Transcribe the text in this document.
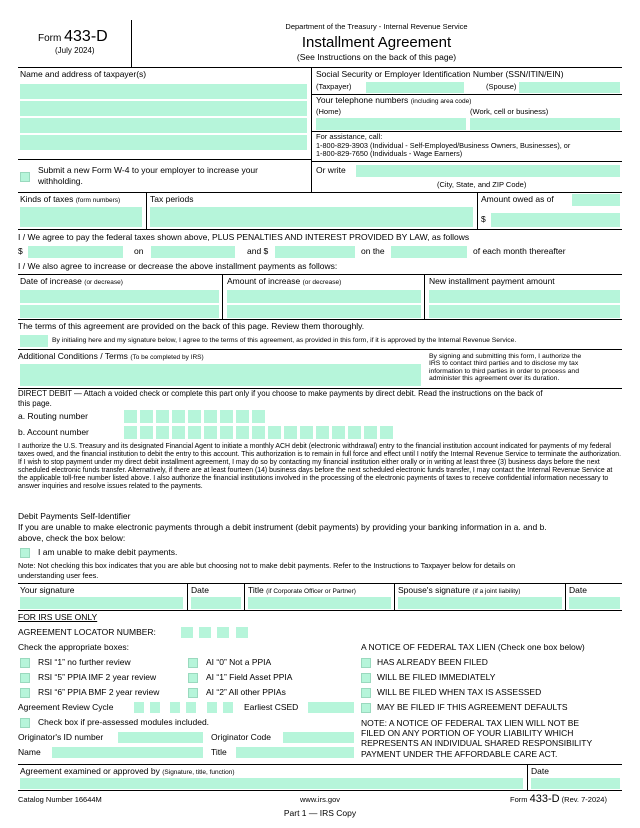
Form 433-D
(July 2024)
Department of the Treasury - Internal Revenue Service
Installment Agreement
(See Instructions on the back of this page)
Name and address of taxpayer(s)
Submit a new Form W-4 to your employer to increase your
withholding.
Social Security or Employer Identification Number (SSN/ITIN/EIN)
(Taxpayer)	(Spouse)
Your telephone numbers (including area code)
(Home)	(Work, cell or business)
For assistance, call:
1-800-829-3903 (Individual - Self-Employed/Business Owners, Businesses), or
1-800-829-7650 (Individuals - Wage Earners)
Or write
(City, State, and ZIP Code)
Kinds of taxes (form numbers)	Tax periods	Amount owed as of
$
I / We agree to pay the federal taxes shown above, PLUS PENALTIES AND INTEREST PROVIDED BY LAW, as follows
$	on	and $	on the	of each month thereafter
I / We also agree to increase or decrease the above installment payments as follows:
Date of increase (or decrease)	Amount of increase (or decrease)	New installment payment amount
The terms of this agreement are provided on the back of this page. Review them thoroughly.
By initialing here and my signature below, I agree to the terms of this agreement, as provided in this form, if it is approved by the Internal Revenue Service.
Additional Conditions / Terms (To be completed by IRS)	By signing and submitting this form, I authorize the
IRS to contact third parties and to disclose my tax
information to third parties in order to process and
administer this agreement over its duration.
DIRECT DEBIT — Attach a voided check or complete this part only if you choose to make payments by direct debit. Read the instructions on the back of
this page.
a. Routing number
b. Account number
I authorize the U.S. Treasury and its designated Financial Agent to initiate a monthly ACH debit (electronic withdrawal) entry to the financial institution account indicated for payments of my federal taxes owed, and the financial institution to debit the entry to this account. This authorization is to remain in full force and effect until I notify the Internal Revenue Service to terminate the authorization. If I wish to stop payment under my direct debit installment agreement, I may do so by contacting my financial institution either orally or in writing at least three (3) business days before the next scheduled electronic funds transfer. Alternatively, if there are at least fourteen (14) business days before the next scheduled electronic funds transfer, I may contact the Internal Revenue Service at the applicable toll-free number listed above. I also authorize the financial institutions involved in the processing of the electronic payments of taxes to receive confidential information necessary to answer inquiries and resolve issues related to the payments.
Debit Payments Self-Identifier
If you are unable to make electronic payments through a debit instrument (debit payments) by providing your banking information in a. and b.
above, check the box below:
I am unable to make debit payments.
Note: Not checking this box indicates that you are able but choosing not to make debit payments. Refer to the Instructions to Taxpayer below for details on
understanding user fees.
Your signature	Date	Title (if Corporate Officer or Partner)	Spouse's signature (if a joint liability)	Date
FOR IRS USE ONLY
AGREEMENT LOCATOR NUMBER:
Check the appropriate boxes:
RSI “1” no further review
RSI “5” PPIA IMF 2 year review
RSI “6” PPIA BMF 2 year review
AI “0” Not a PPIA
AI “1” Field Asset PPIA
AI “2” All other PPIAs
Agreement Review Cycle	Earliest CSED
Check box if pre-assessed modules included.
Originator's ID number	Originator Code
Name	Title
A NOTICE OF FEDERAL TAX LIEN (Check one box below)
HAS ALREADY BEEN FILED
WILL BE FILED IMMEDIATELY
WILL BE FILED WHEN TAX IS ASSESSED
MAY BE FILED IF THIS AGREEMENT DEFAULTS
NOTE: A NOTICE OF FEDERAL TAX LIEN WILL NOT BE
FILED ON ANY PORTION OF YOUR LIABILITY WHICH
REPRESENTS AN INDIVIDUAL SHARED RESPONSIBILITY
PAYMENT UNDER THE AFFORDABLE CARE ACT.
Agreement examined or approved by (Signature, title, function)	Date
Catalog Number 16644M	www.irs.gov	Form 433-D (Rev. 7-2024)
Part 1 — IRS Copy
